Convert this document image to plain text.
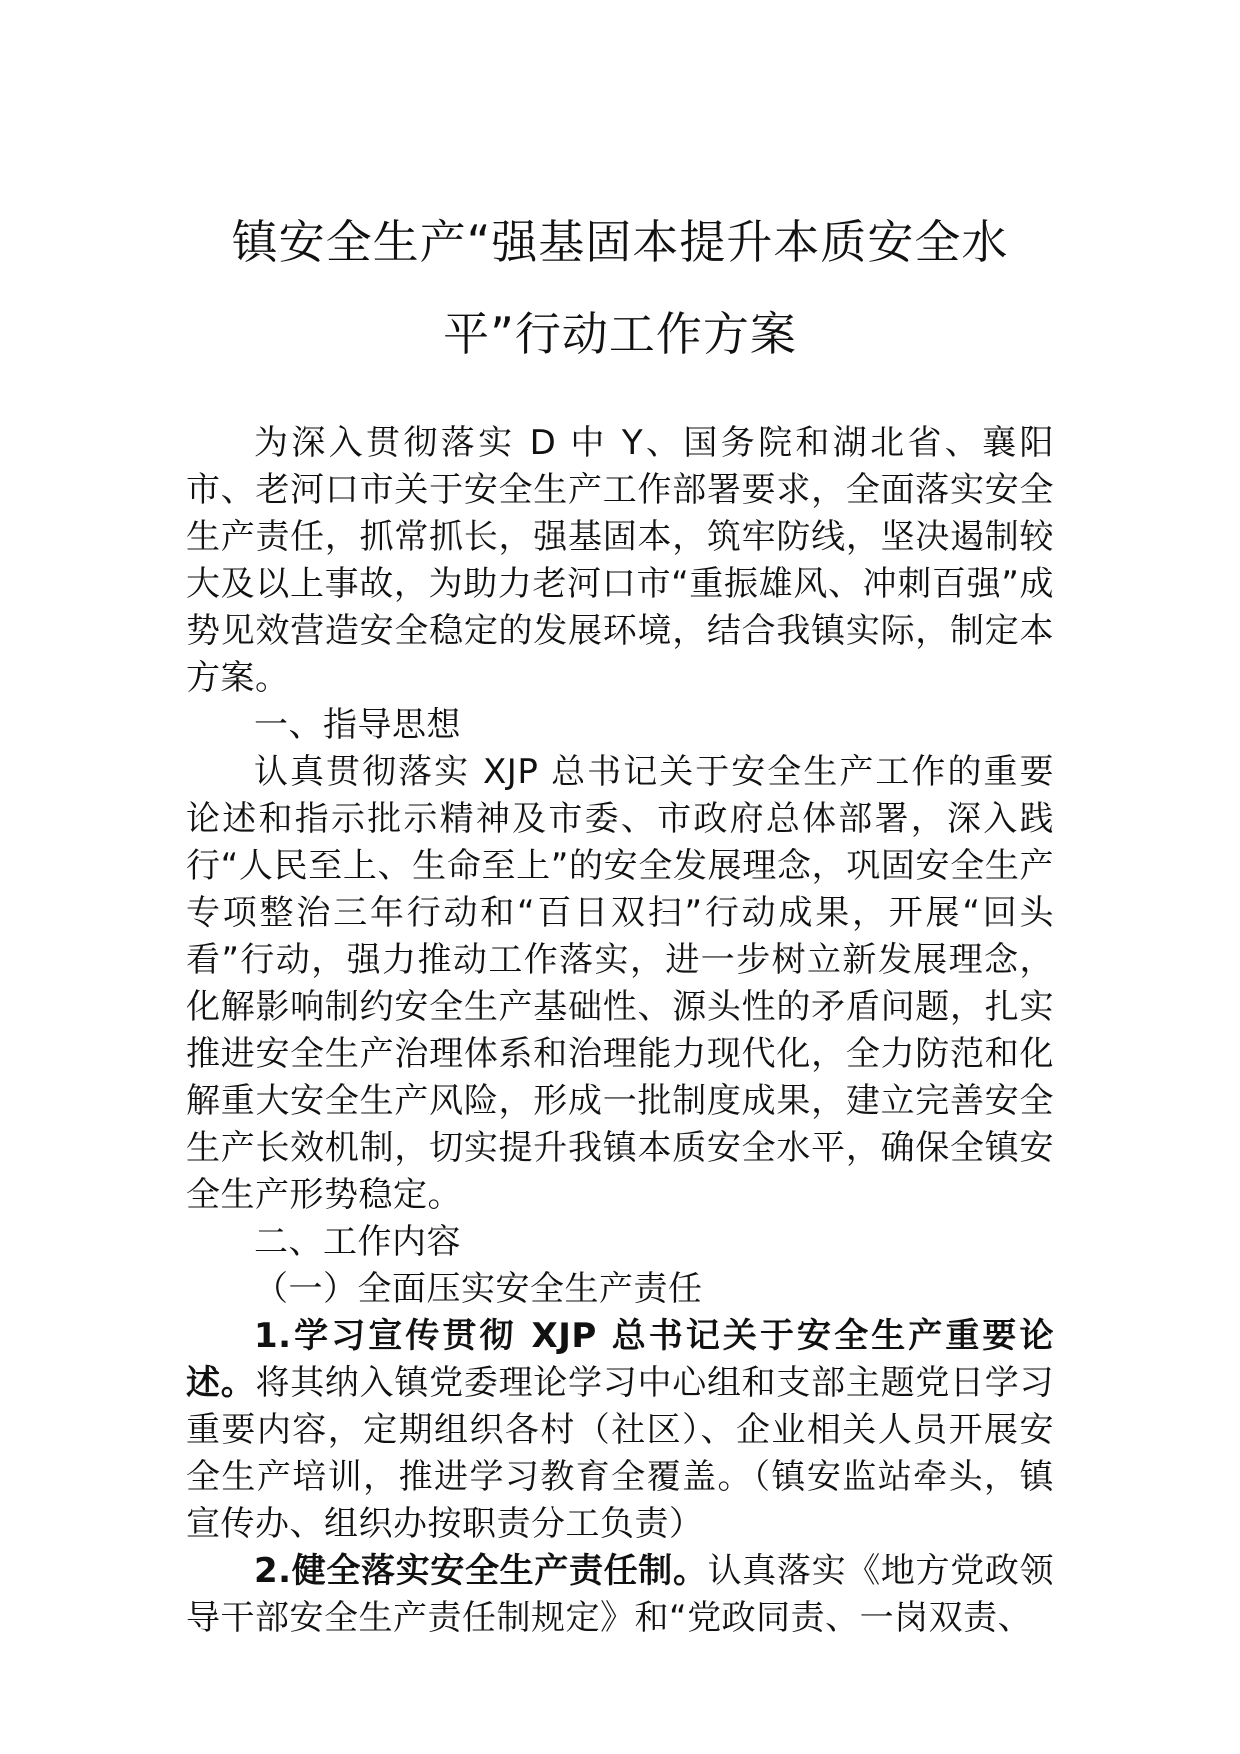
镇安全生产“强基固本提升本质安全水
平”行动工作方案

为深入贯彻落实 D 中 Y、国务院和湖北省、襄阳市、老河口市关于安全生产工作部署要求，全面落实安全生产责任，抓常抓长，强基固本，筑牢防线，坚决遏制较大及以上事故，为助力老河口市“重振雄风、冲刺百强”成势见效营造安全稳定的发展环境，结合我镇实际，制定本方案。

一、指导思想

认真贯彻落实 XJP 总书记关于安全生产工作的重要论述和指示批示精神及市委、市政府总体部署，深入践行“人民至上、生命至上”的安全发展理念，巩固安全生产专项整治三年行动和“百日双扫”行动成果，开展“回头看”行动，强力推动工作落实，进一步树立新发展理念，化解影响制约安全生产基础性、源头性的矛盾问题，扎实推进安全生产治理体系和治理能力现代化，全力防范和化解重大安全生产风险，形成一批制度成果，建立完善安全生产长效机制，切实提升我镇本质安全水平，确保全镇安全生产形势稳定。

二、工作内容

（一）全面压实安全生产责任

1.学习宣传贯彻 XJP 总书记关于安全生产重要论述。将其纳入镇党委理论学习中心组和支部主题党日学习重要内容，定期组织各村（社区）、企业相关人员开展安全生产培训，推进学习教育全覆盖。（镇安监站牵头，镇宣传办、组织办按职责分工负责）

2.健全落实安全生产责任制。认真落实《地方党政领导干部安全生产责任制规定》和“党政同责、一岗双责、
